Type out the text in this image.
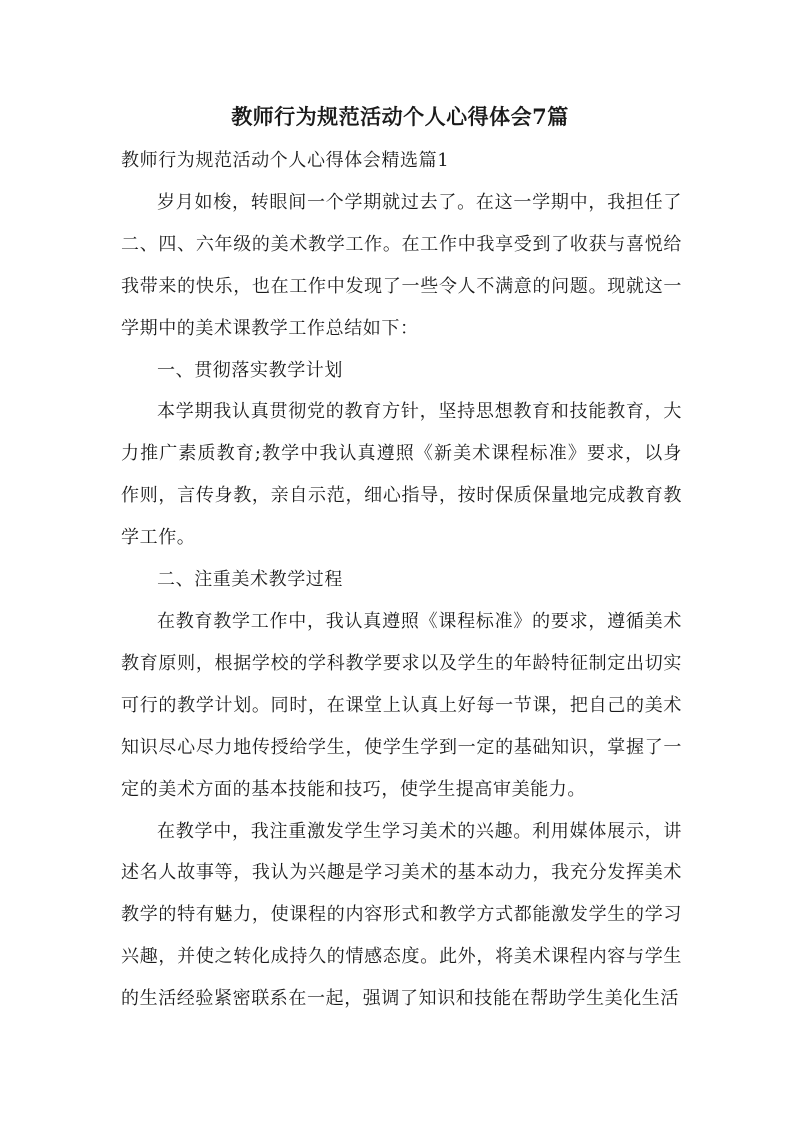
教师行为规范活动个人心得体会7篇

教师行为规范活动个人心得体会精选篇1

岁月如梭，转眼间一个学期就过去了。在这一学期中，我担任了二、四、六年级的美术教学工作。在工作中我享受到了收获与喜悦给我带来的快乐，也在工作中发现了一些令人不满意的问题。现就这一学期中的美术课教学工作总结如下：

一、贯彻落实教学计划

本学期我认真贯彻党的教育方针，坚持思想教育和技能教育，大力推广素质教育;教学中我认真遵照《新美术课程标准》要求，以身作则，言传身教，亲自示范，细心指导，按时保质保量地完成教育教学工作。

二、注重美术教学过程

在教育教学工作中，我认真遵照《课程标准》的要求，遵循美术教育原则，根据学校的学科教学要求以及学生的年龄特征制定出切实可行的教学计划。同时，在课堂上认真上好每一节课，把自己的美术知识尽心尽力地传授给学生，使学生学到一定的基础知识，掌握了一定的美术方面的基本技能和技巧，使学生提高审美能力。

在教学中，我注重激发学生学习美术的兴趣。利用媒体展示，讲述名人故事等，我认为兴趣是学习美术的基本动力，我充分发挥美术教学的特有魅力，使课程的内容形式和教学方式都能激发学生的学习兴趣，并使之转化成持久的情感态度。此外，将美术课程内容与学生的生活经验紧密联系在一起，强调了知识和技能在帮助学生美化生活
